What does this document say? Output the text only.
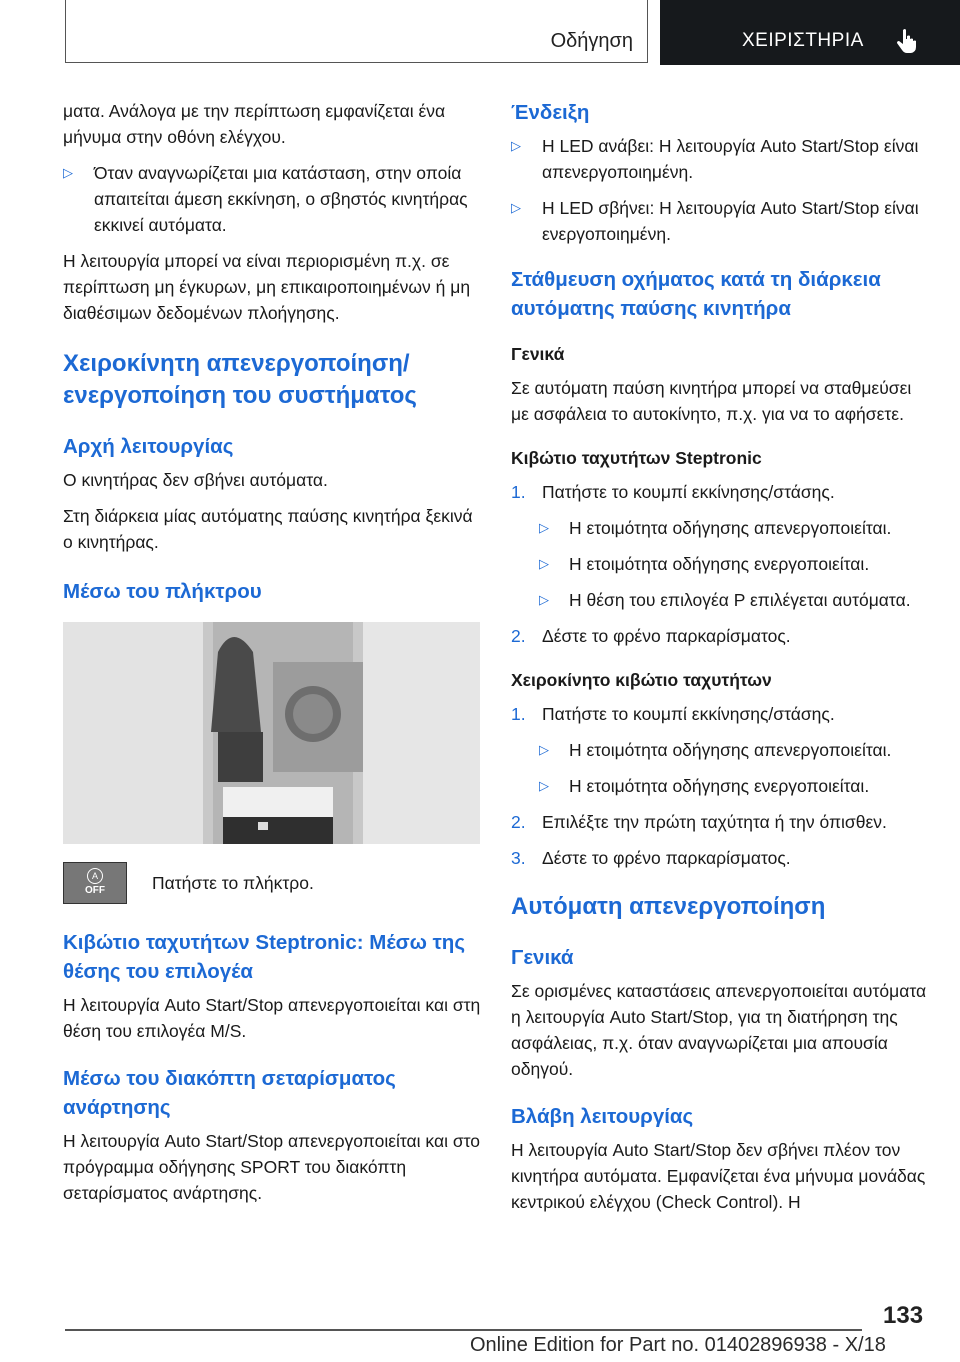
Οδήγηση	ΧΕΙΡΙΣΤΗΡΙΑ

ματα. Ανάλογα με την περίπτωση εμφανίζεται ένα μήνυμα στην οθόνη ελέγχου.

▷ Όταν αναγνωρίζεται μια κατάσταση, στην οποία απαιτείται άμεση εκκίνηση, ο σβηστός κινητήρας εκκινεί αυτόματα.

Η λειτουργία μπορεί να είναι περιορισμένη π.χ. σε περίπτωση μη έγκυρων, μη επικαιροποιημένων ή μη διαθέσιμων δεδομένων πλοήγησης.

Χειροκίνητη απενεργοποίηση/ ενεργοποίηση του συστήματος
Αρχή λειτουργίας

Ο κινητήρας δεν σβήνει αυτόματα.

Στη διάρκεια μίας αυτόματης παύσης κινητήρα ξεκινά ο κινητήρας.

Μέσω του πλήκτρου
A
OFF	Πατήστε το πλήκτρο.

Κιβώτιο ταχυτήτων Steptronic: Μέσω της θέσης του επιλογέα

Η λειτουργία Auto Start/Stop απενεργοποιείται και στη θέση του επιλογέα M/S.

Μέσω του διακόπτη σεταρίσματος ανάρτησης

Η λειτουργία Auto Start/Stop απενεργοποιείται και στο πρόγραμμα οδήγησης SPORT του διακόπτη σεταρίσματος ανάρτησης.

Ένδειξη
▷ Η LED ανάβει: Η λειτουργία Auto Start/Stop είναι απενεργοποιημένη.
▷ Η LED σβήνει: Η λειτουργία Auto Start/Stop είναι ενεργοποιημένη.
Στάθμευση οχήματος κατά τη διάρκεια αυτόματης παύσης κινητήρα
Γενικά

Σε αυτόματη παύση κινητήρα μπορεί να σταθμεύσει με ασφάλεια το αυτοκίνητο, π.χ. για να το αφήσετε.

Κιβώτιο ταχυτήτων Steptronic
1. Πατήστε το κουμπί εκκίνησης/στάσης.
▷ Η ετοιμότητα οδήγησης απενεργοποιείται.
▷ Η ετοιμότητα οδήγησης ενεργοποιείται.
▷ Η θέση του επιλογέα P επιλέγεται αυτόματα.
2. Δέστε το φρένο παρκαρίσματος.
Χειροκίνητο κιβώτιο ταχυτήτων
1. Πατήστε το κουμπί εκκίνησης/στάσης.
▷ Η ετοιμότητα οδήγησης απενεργοποιείται.
▷ Η ετοιμότητα οδήγησης ενεργοποιείται.
2. Επιλέξτε την πρώτη ταχύτητα ή την όπισθεν.
3. Δέστε το φρένο παρκαρίσματος.
Αυτόματη απενεργοποίηση
Γενικά

Σε ορισμένες καταστάσεις απενεργοποιείται αυτόματα η λειτουργία Auto Start/Stop, για τη διατήρηση της ασφάλειας, π.χ. όταν αναγνωρίζεται μια απουσία οδηγού.

Βλάβη λειτουργίας

Η λειτουργία Auto Start/Stop δεν σβήνει πλέον τον κινητήρα αυτόματα. Εμφανίζεται ένα μήνυμα μονάδας κεντρικού ελέγχου (Check Control). Η

133
Online Edition for Part no. 01402896938 - X/18
